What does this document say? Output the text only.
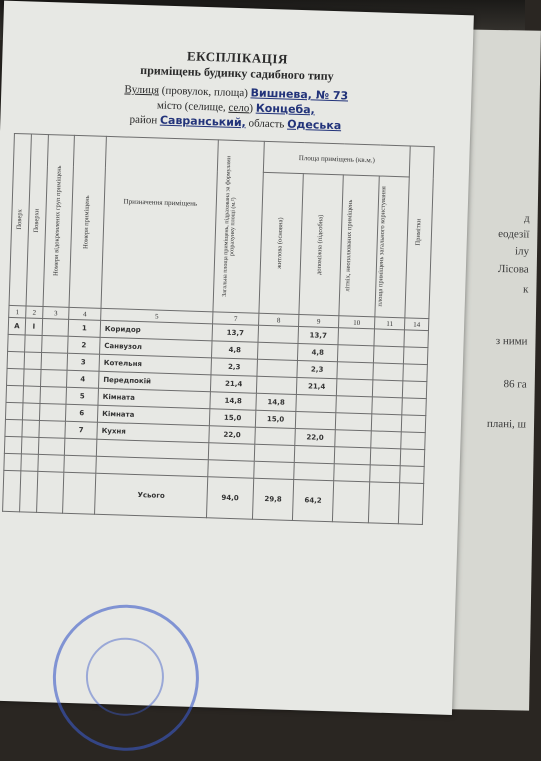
д
еодезії
ілу
Лісова
к
з ними
86 га
плані, ш
ЕКСПЛІКАЦІЯ
приміщень будинку садибного типу
Вулиця (провулок, площа) Вишнева, № 73
місто (селище, село) Концеба,
район Савранський, область Одеська
Поверх	Поверхи	Номери відокремлених груп приміщень	Номери приміщень	Призначення приміщень	Загальна площа приміщень, підрахована за формулами розрахунку площі (м.²)	Площа приміщень (кв.м.)				Примітки

						житлова (основна)	допоміжна (підсобна)	літніх, неопалюваних приміщень	площа приміщень загального користування	

1	2	3	4	5	7	8	9	10	11	14
А	І		1	Коридор	13,7		13,7			
			2	Санвузол	4,8		4,8			
			3	Котельня	2,3		2,3			
			4	Передпокій	21,4		21,4			
			5	Кімната	14,8	14,8				
			6	Кімната	15,0	15,0				
			7	Кухня	22,0		22,0			

				Усього	94,0	29,8	64,2			
